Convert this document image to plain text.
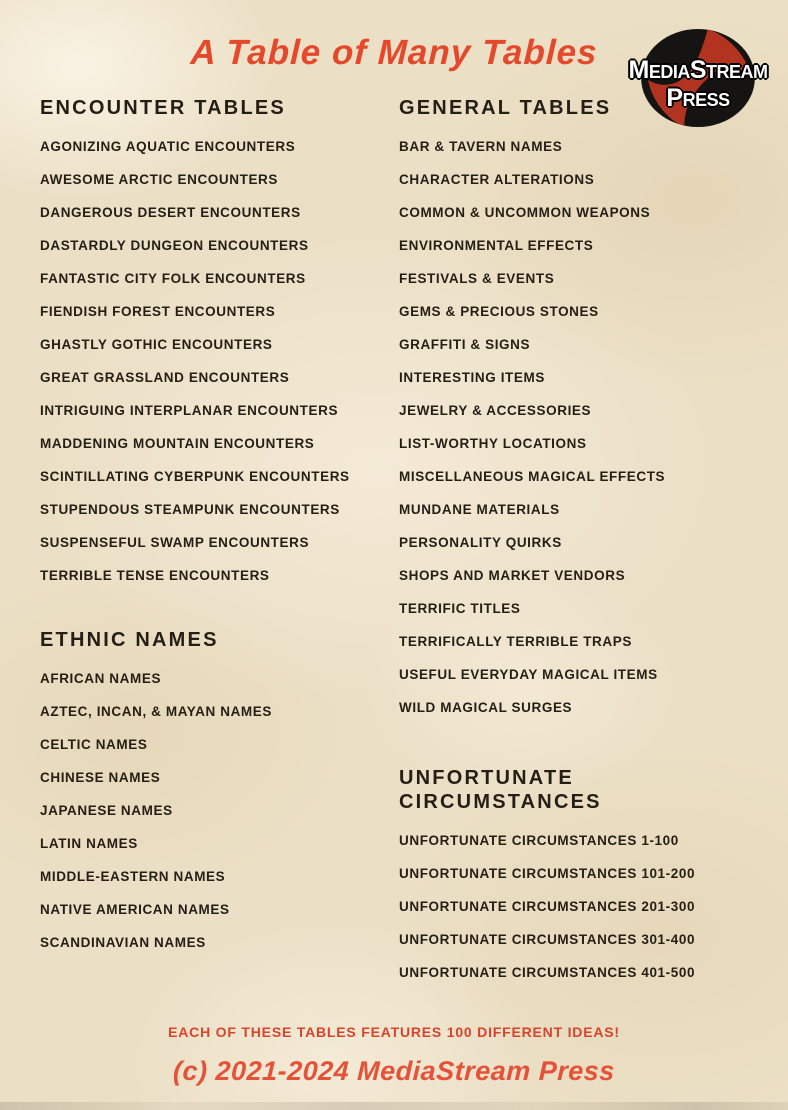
A Table of Many Tables	MediaStream
Press
ENCOUNTER TABLES
AGONIZING AQUATIC ENCOUNTERS
AWESOME ARCTIC ENCOUNTERS
DANGEROUS DESERT ENCOUNTERS
DASTARDLY DUNGEON ENCOUNTERS
FANTASTIC CITY FOLK ENCOUNTERS
FIENDISH FOREST ENCOUNTERS
GHASTLY GOTHIC ENCOUNTERS
GREAT GRASSLAND ENCOUNTERS
INTRIGUING INTERPLANAR ENCOUNTERS
MADDENING MOUNTAIN ENCOUNTERS
SCINTILLATING CYBERPUNK ENCOUNTERS
STUPENDOUS STEAMPUNK ENCOUNTERS
SUSPENSEFUL SWAMP ENCOUNTERS
TERRIBLE TENSE ENCOUNTERS
ETHNIC NAMES
AFRICAN NAMES
AZTEC, INCAN, & MAYAN NAMES
CELTIC NAMES
CHINESE NAMES
JAPANESE NAMES
LATIN NAMES
MIDDLE-EASTERN NAMES
NATIVE AMERICAN NAMES
SCANDINAVIAN NAMES
GENERAL TABLES
BAR & TAVERN NAMES
CHARACTER ALTERATIONS
COMMON & UNCOMMON WEAPONS
ENVIRONMENTAL EFFECTS
FESTIVALS & EVENTS
GEMS & PRECIOUS STONES
GRAFFITI & SIGNS
INTERESTING ITEMS
JEWELRY & ACCESSORIES
LIST-WORTHY LOCATIONS
MISCELLANEOUS MAGICAL EFFECTS
MUNDANE MATERIALS
PERSONALITY QUIRKS
SHOPS AND MARKET VENDORS
TERRIFIC TITLES
TERRIFICALLY TERRIBLE TRAPS
USEFUL EVERYDAY MAGICAL ITEMS
WILD MAGICAL SURGES
UNFORTUNATE CIRCUMSTANCES
UNFORTUNATE CIRCUMSTANCES 1-100
UNFORTUNATE CIRCUMSTANCES 101-200
UNFORTUNATE CIRCUMSTANCES 201-300
UNFORTUNATE CIRCUMSTANCES 301-400
UNFORTUNATE CIRCUMSTANCES 401-500
EACH OF THESE TABLES FEATURES 100 DIFFERENT IDEAS!
(c) 2021-2024 MediaStream Press
